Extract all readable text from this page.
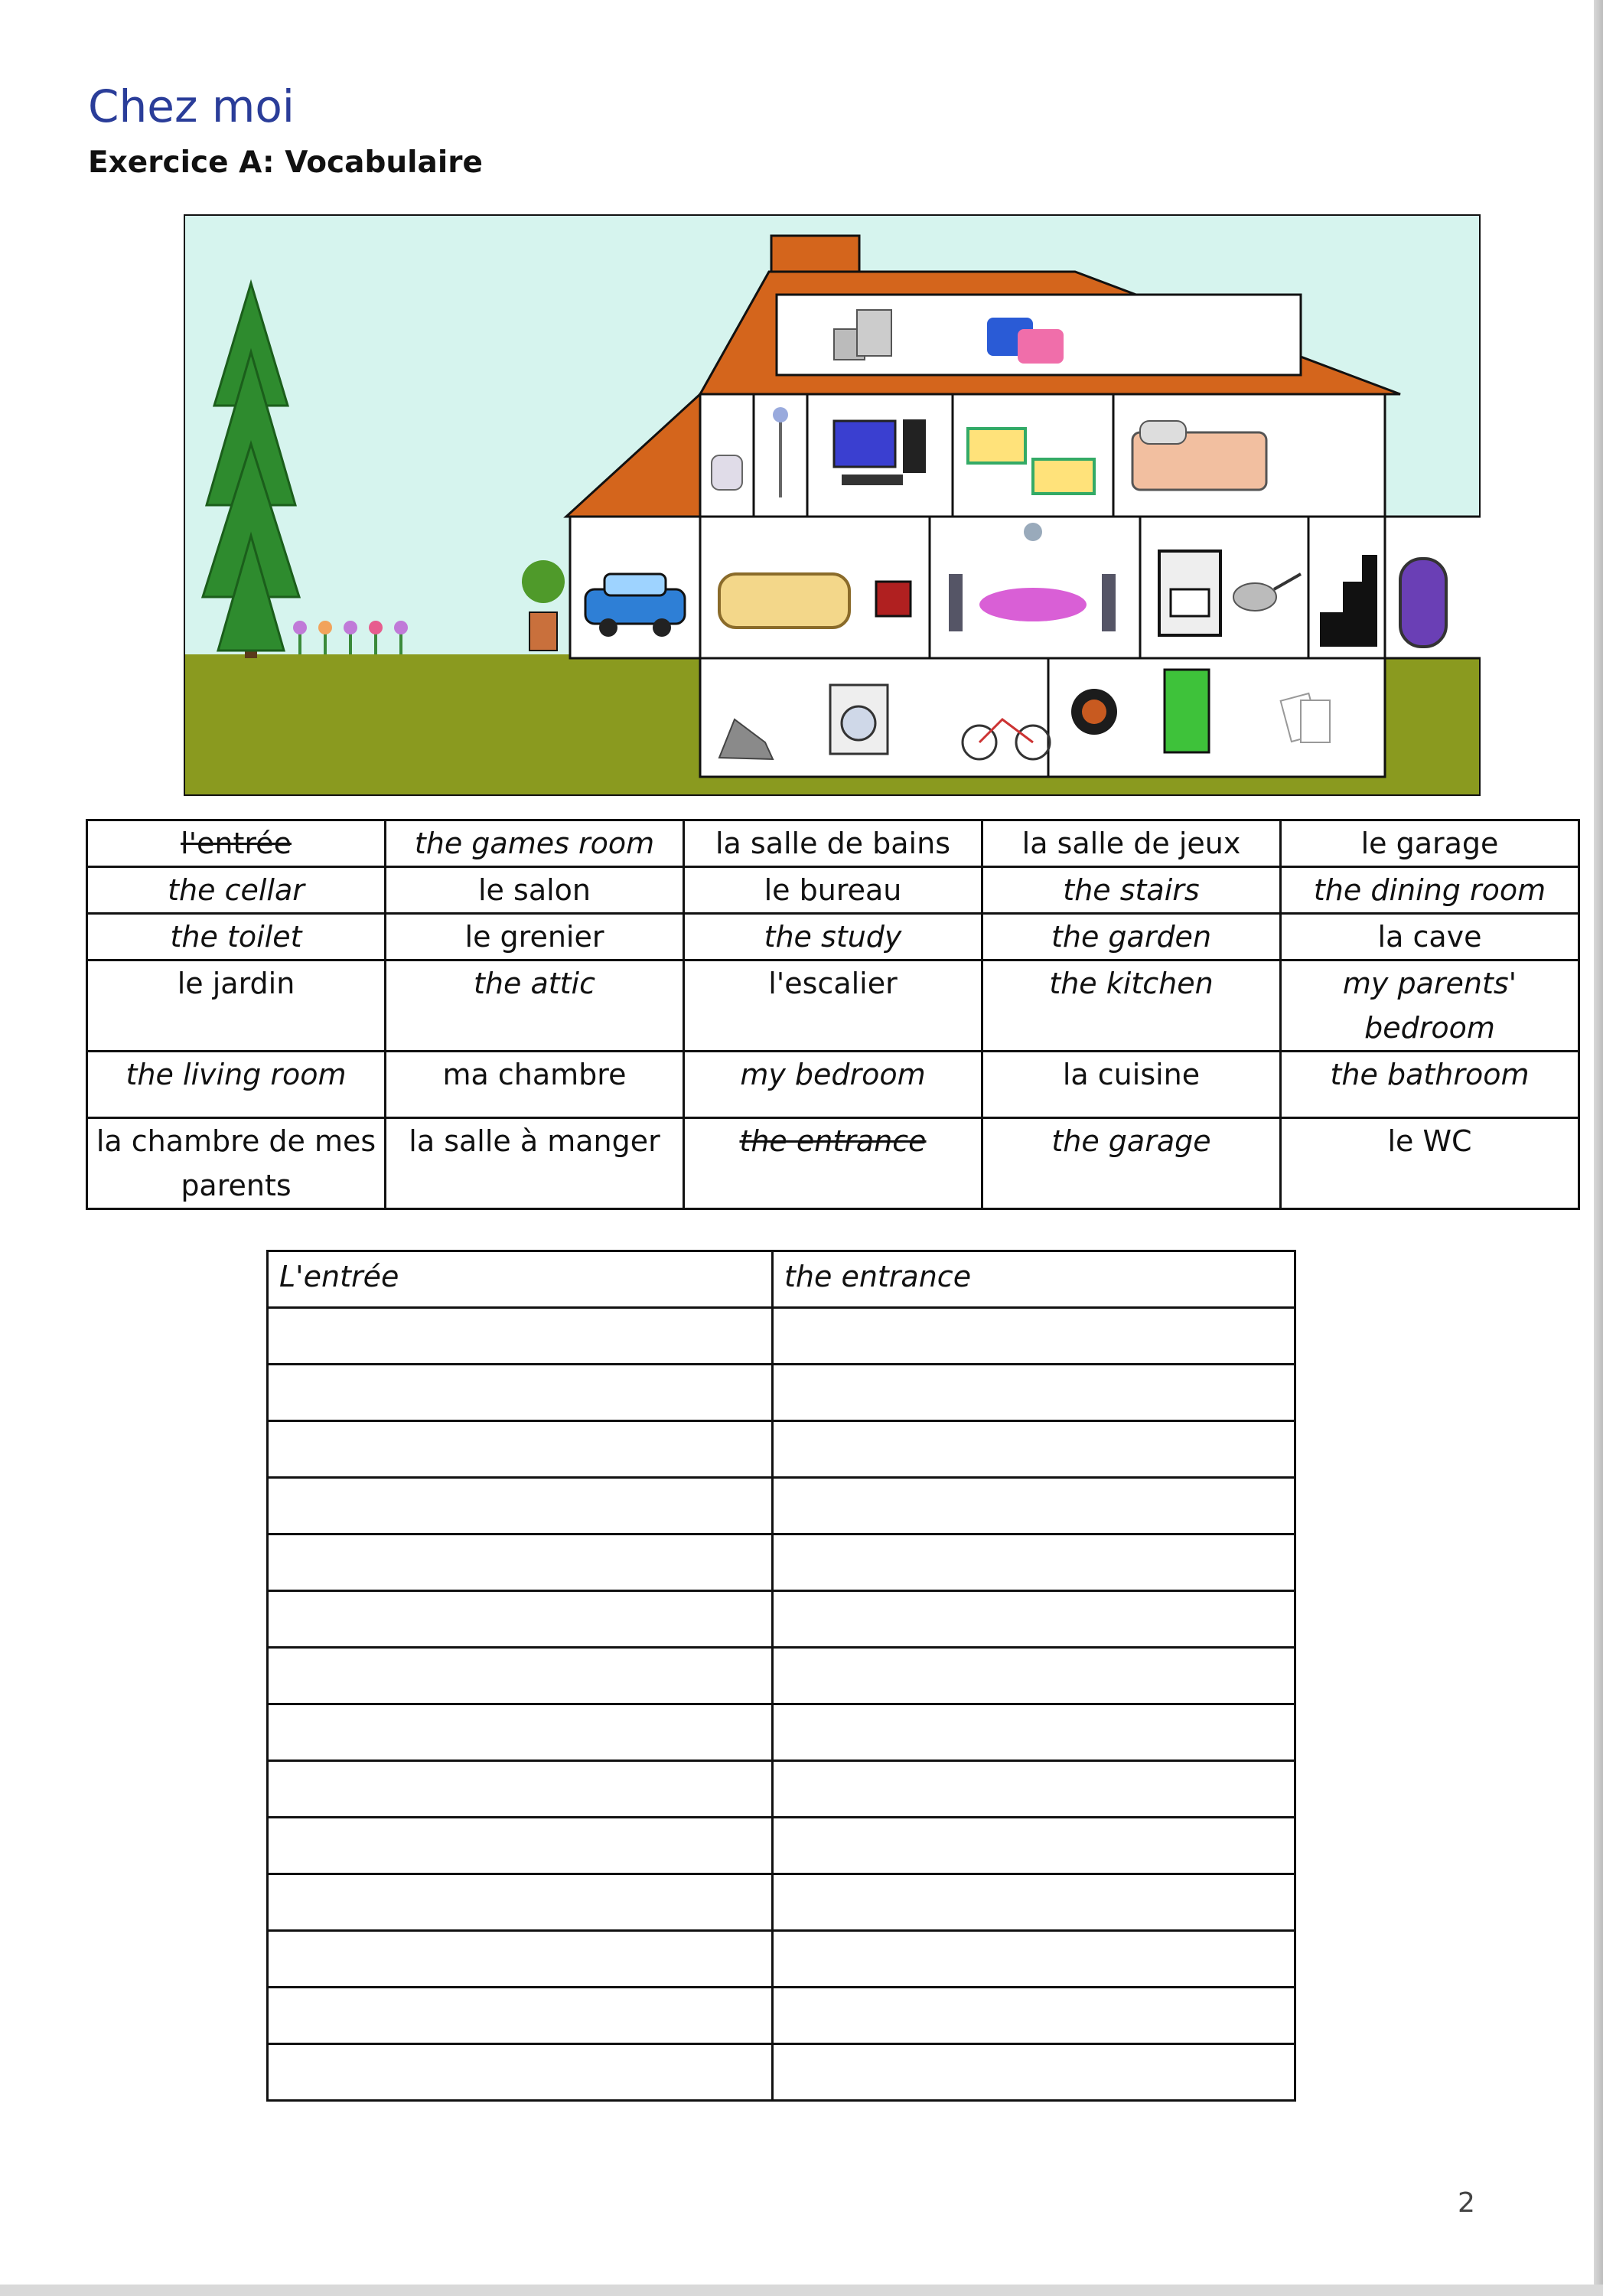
Chez moi
Exercice A: Vocabulaire
l'entrée	the games room	la salle de bains	la salle de jeux	le garage
the cellar	le salon	le bureau	the stairs	the dining room
the toilet	le grenier	the study	the garden	la cave
le jardin	the attic	l'escalier	the kitchen	my parents' bedroom
the living room	ma chambre	my bedroom	la cuisine	the bathroom
la chambre de mes parents	la salle à manger	the entrance	the garage	le WC
L'entrée	the entrance

2
